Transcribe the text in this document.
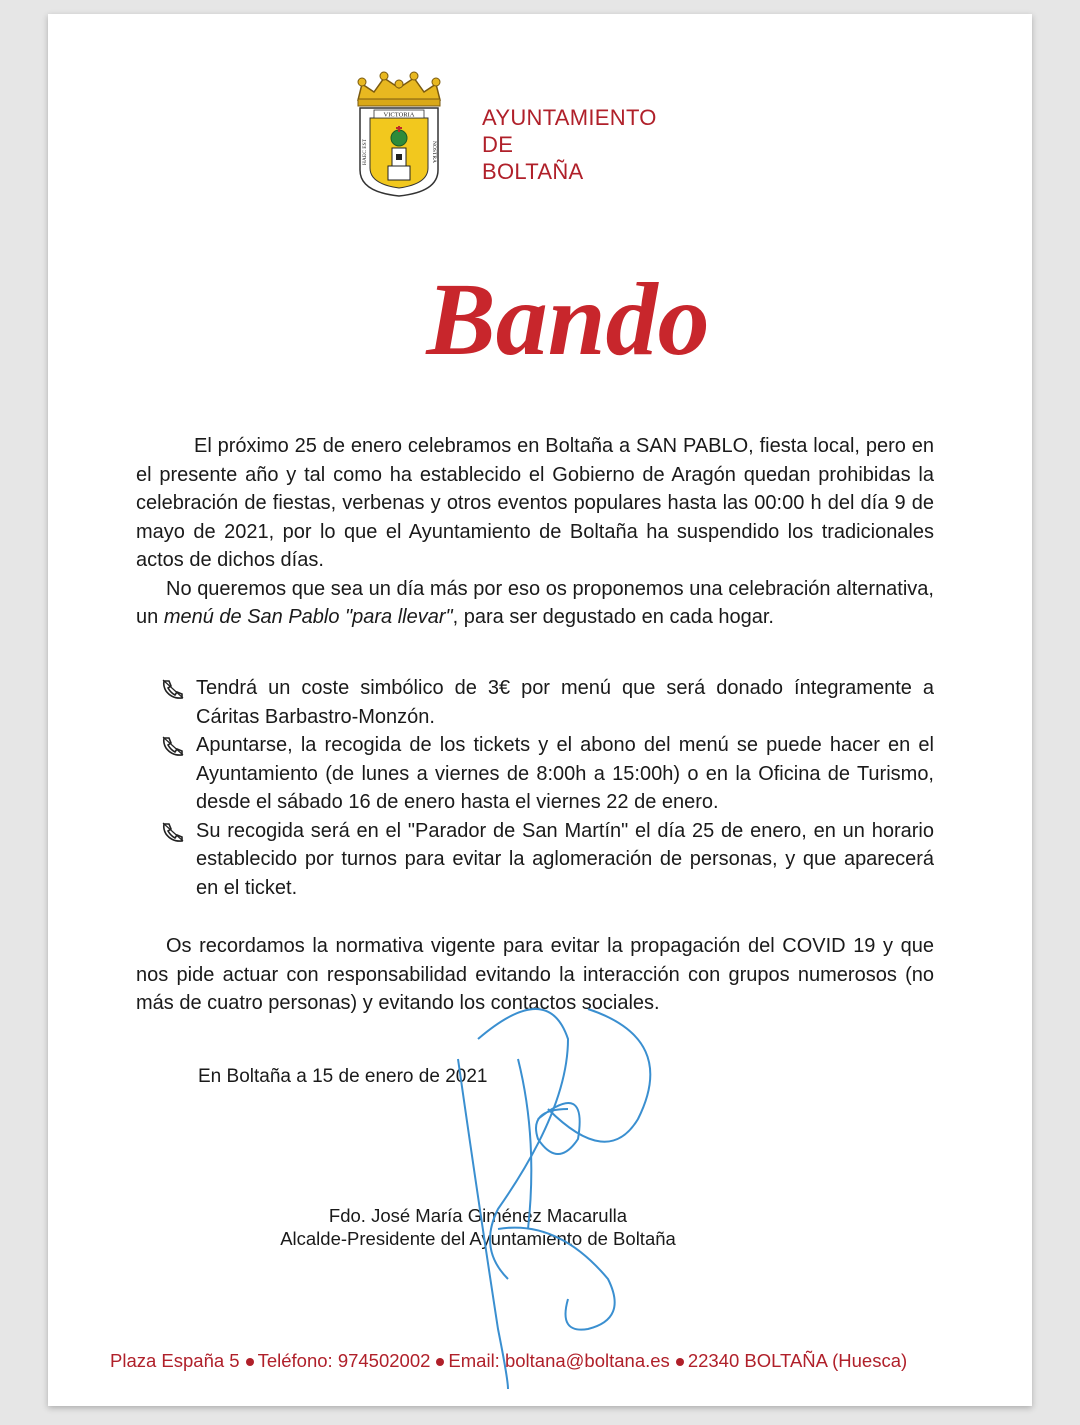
VICTORIA
HAEC EST	NOSTRA
AYUNTAMIENTO
DE
BOLTAÑA
Bando

El próximo 25 de enero celebramos en Boltaña a SAN PABLO, fiesta local, pero en el presente año y tal como ha establecido el Gobierno de Aragón quedan prohibidas la celebración de fiestas, verbenas y otros eventos populares hasta las 00:00 h del día 9 de mayo de 2021, por lo que el Ayuntamiento de Boltaña ha suspendido los tradicionales actos de dichos días.

No queremos que sea un día más por eso os proponemos una celebración alternativa, un menú de San Pablo "para llevar", para ser degustado en cada hogar.

Tendrá un coste simbólico de 3€ por menú que será donado íntegramente a Cáritas Barbastro-Monzón.
Apuntarse, la recogida de los tickets y el abono del menú se puede hacer en el Ayuntamiento (de lunes a viernes de 8:00h a 15:00h) o en la Oficina de Turismo, desde el sábado 16 de enero hasta el viernes 22 de enero.
Su recogida será en el "Parador de San Martín" el día 25 de enero, en un horario establecido por turnos para evitar la aglomeración de personas, y que aparecerá en el ticket.

Os recordamos la normativa vigente para evitar la propagación del COVID 19 y que nos pide actuar con responsabilidad evitando la interacción con grupos numerosos (no más de cuatro personas) y evitando los contactos sociales.

En Boltaña a 15 de enero de 2021
Fdo. José María Giménez Macarulla
Alcalde-Presidente del Ayuntamiento de Boltaña
Plaza España 5 Teléfono: 974502002 Email: boltana@boltana.es 22340 BOLTAÑA (Huesca)
